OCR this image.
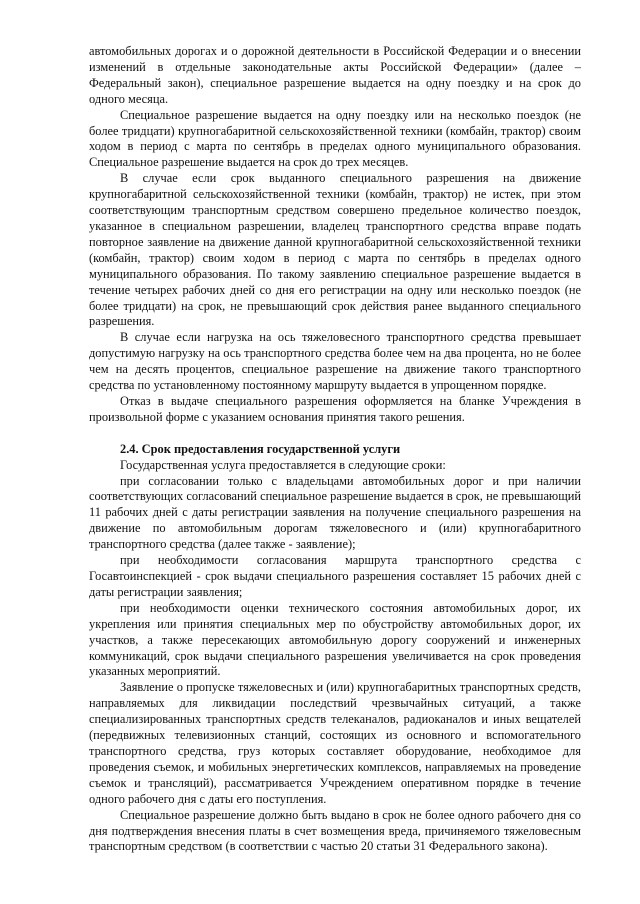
автомобильных дорогах и о дорожной деятельности в Российской Федерации и о внесении изменений в отдельные законодательные акты Российской Федерации» (далее – Федеральный закон), специальное разрешение выдается на одну поездку и на срок до одного месяца.

Специальное разрешение выдается на одну поездку или на несколько поездок (не более тридцати) крупногабаритной сельскохозяйственной техники (комбайн, трактор) своим ходом в период с марта по сентябрь в пределах одного муниципального образования. Специальное разрешение выдается на срок до трех месяцев.

В случае если срок выданного специального разрешения на движение крупногабаритной сельскохозяйственной техники (комбайн, трактор) не истек, при этом соответствующим транспортным средством совершено предельное количество поездок, указанное в специальном разрешении, владелец транспортного средства вправе подать повторное заявление на движение данной крупногабаритной сельскохозяйственной техники (комбайн, трактор) своим ходом в период с марта по сентябрь в пределах одного муниципального образования. По такому заявлению специальное разрешение выдается в течение четырех рабочих дней со дня его регистрации на одну или несколько поездок (не более тридцати) на срок, не превышающий срок действия ранее выданного специального разрешения.

В случае если нагрузка на ось тяжеловесного транспортного средства превышает допустимую нагрузку на ось транспортного средства более чем на два процента, но не более чем на десять процентов, специальное разрешение на движение такого транспортного средства по установленному постоянному маршруту выдается в упрощенном порядке.

Отказ в выдаче специального разрешения оформляется на бланке Учреждения в произвольной форме с указанием основания принятия такого решения.

2.4. Срок предоставления государственной услуги

Государственная услуга предоставляется в следующие сроки:

при согласовании только с владельцами автомобильных дорог и при наличии соответствующих согласований специальное разрешение выдается в срок, не превышающий 11 рабочих дней с даты регистрации заявления на получение специального разрешения на движение по автомобильным дорогам тяжеловесного и (или) крупногабаритного транспортного средства (далее также - заявление);

при необходимости согласования маршрута транспортного средства с Госавтоинспекцией - срок выдачи специального разрешения составляет 15 рабочих дней с даты регистрации заявления;

при необходимости оценки технического состояния автомобильных дорог, их укрепления или принятия специальных мер по обустройству автомобильных дорог, их участков, а также пересекающих автомобильную дорогу сооружений и инженерных коммуникаций, срок выдачи специального разрешения увеличивается на срок проведения указанных мероприятий.

Заявление о пропуске тяжеловесных и (или) крупногабаритных транспортных средств, направляемых для ликвидации последствий чрезвычайных ситуаций, а также специализированных транспортных средств телеканалов, радиоканалов и иных вещателей (передвижных телевизионных станций, состоящих из основного и вспомогательного транспортного средства, груз которых составляет оборудование, необходимое для проведения съемок, и мобильных энергетических комплексов, направляемых на проведение съемок и трансляций), рассматривается Учреждением оперативном порядке в течение одного рабочего дня с даты его поступления.

Специальное разрешение должно быть выдано в срок не более одного рабочего дня со дня подтверждения внесения платы в счет возмещения вреда, причиняемого тяжеловесным транспортным средством (в соответствии с частью 20 статьи 31 Федерального закона).
